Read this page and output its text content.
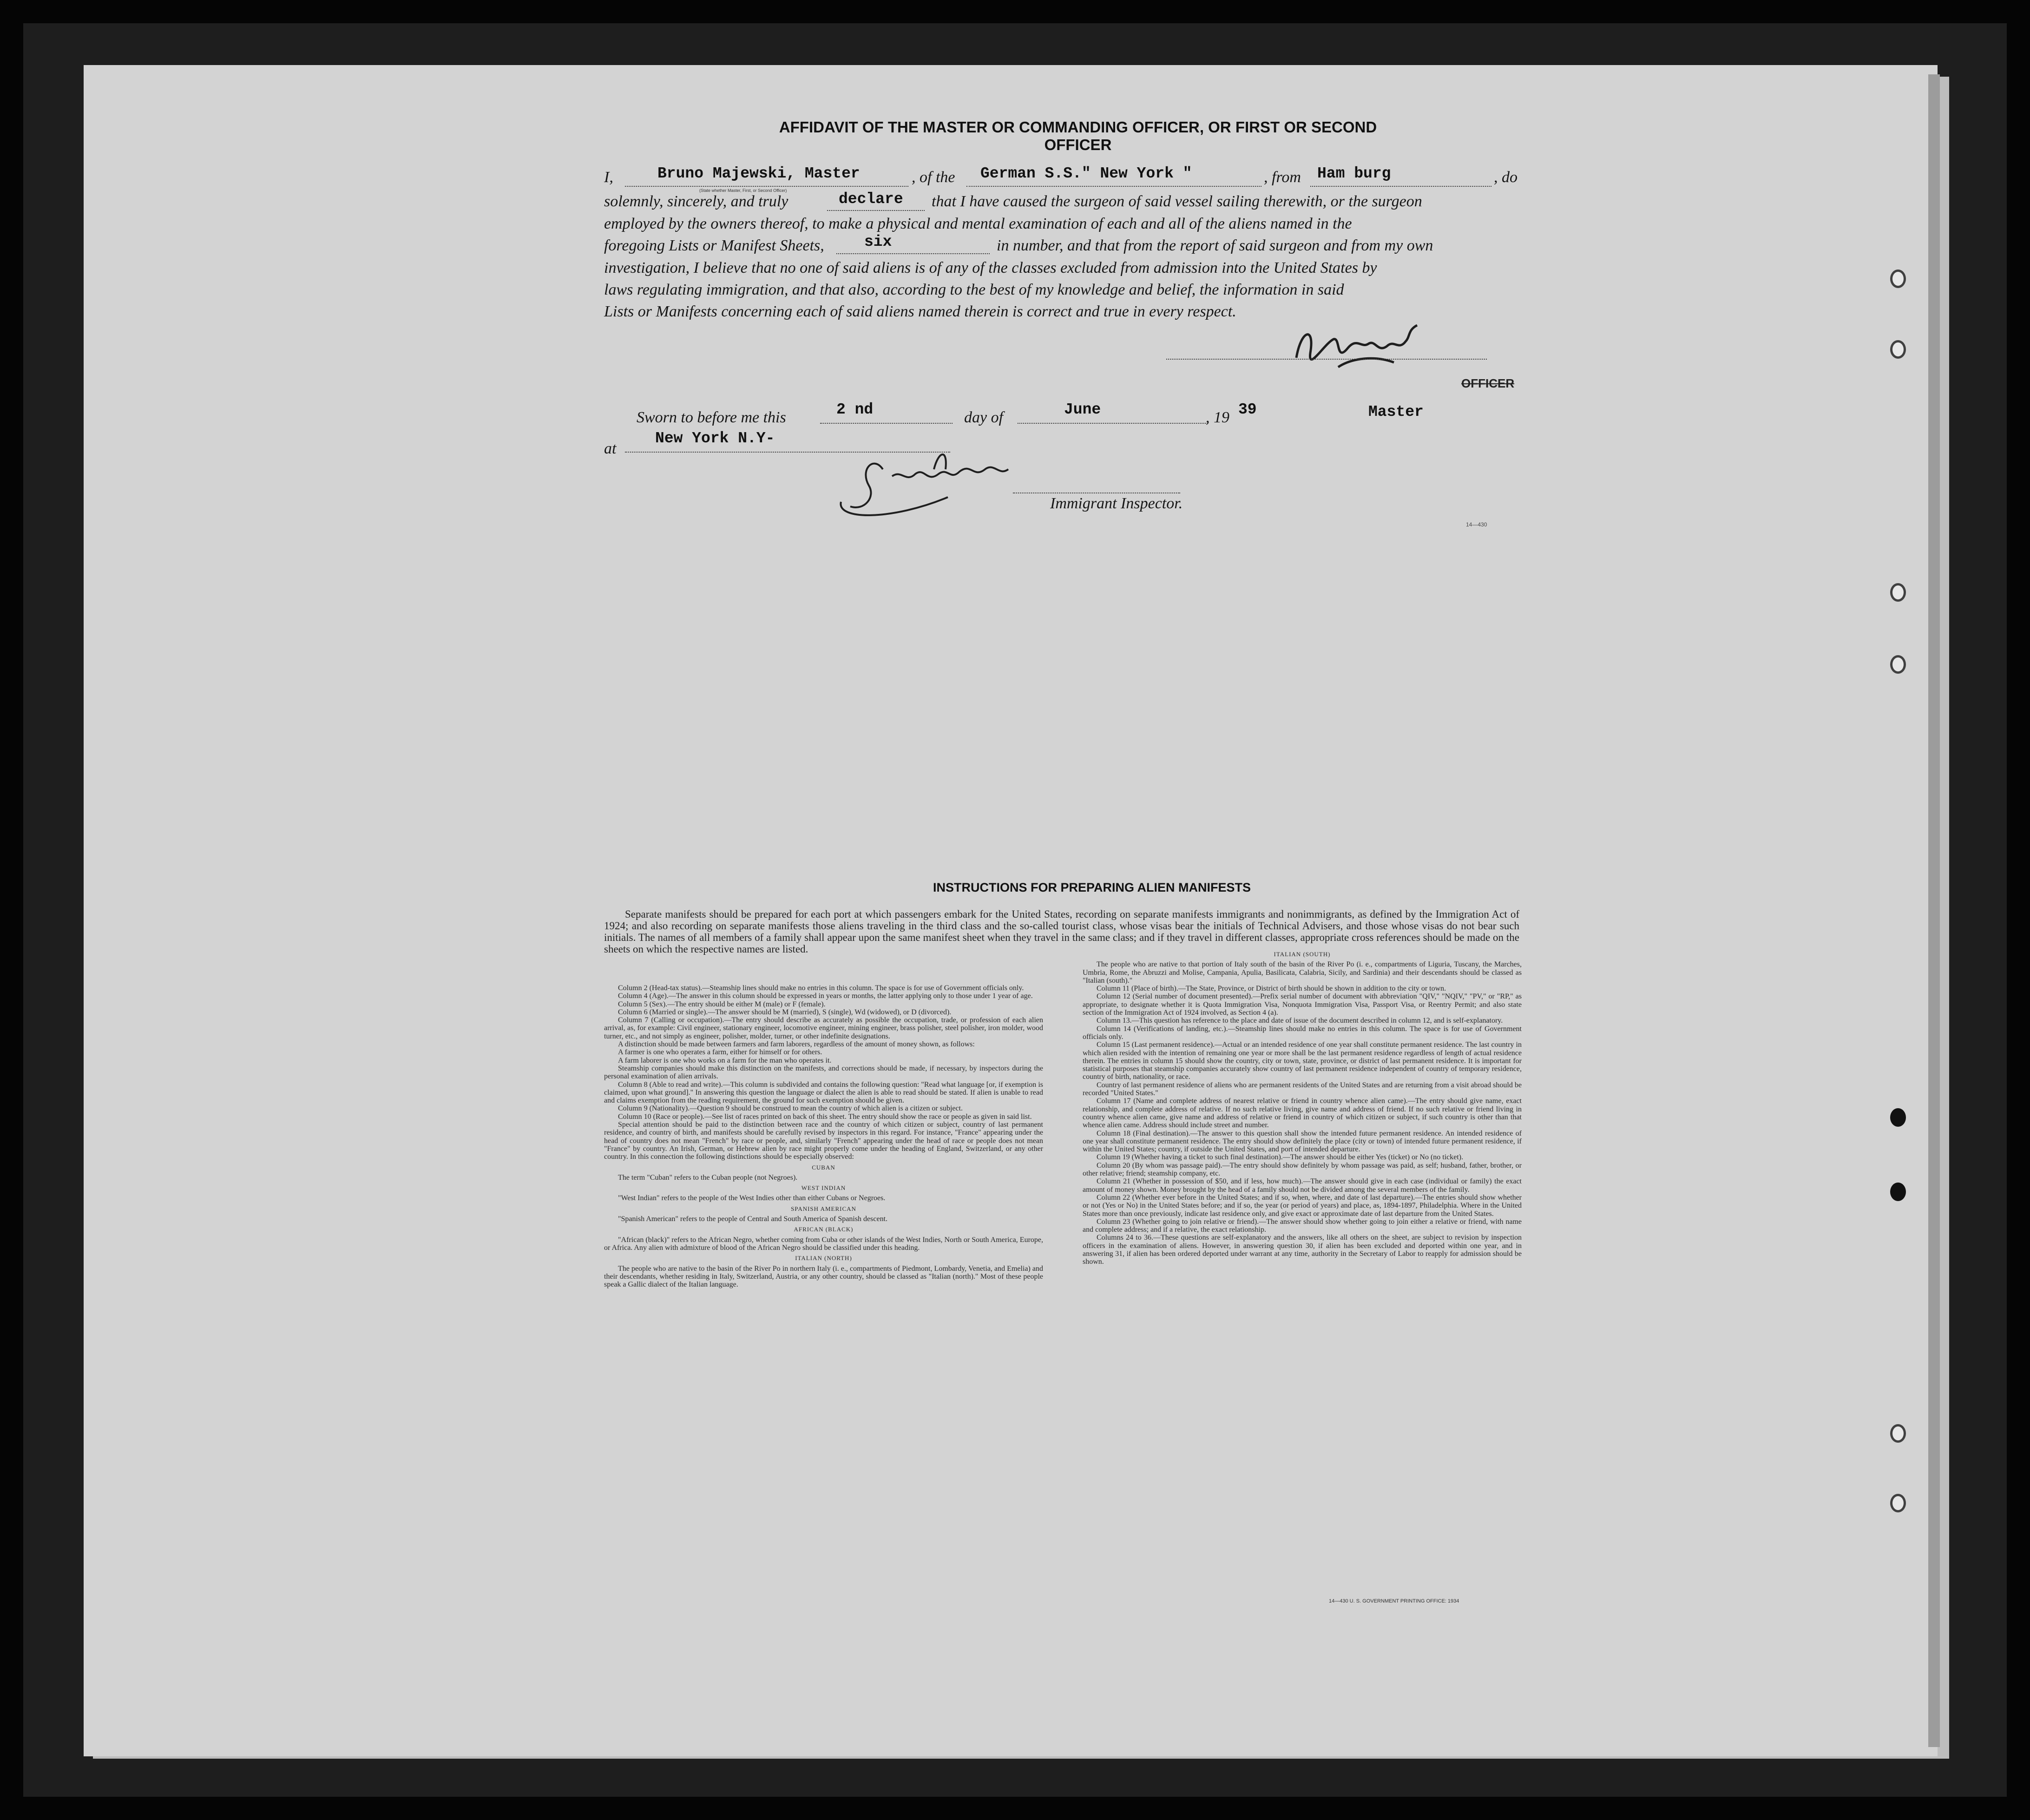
AFFIDAVIT OF THE MASTER OR COMMANDING OFFICER, OR FIRST OR SECOND OFFICER
I,	Bruno Majewski, Master
(State whether Master, First, or Second Officer)
, of the German S.S." New York "	, from Ham burg	, do
solemnly, sincerely, and truly	declare that I have caused the surgeon of said vessel sailing therewith, or the surgeon
employed by the owners thereof, to make a physical and mental examination of each and all of the aliens named in the
foregoing Lists or Manifest Sheets,	six	in number, and that from the report of said surgeon and from my own
investigation, I believe that no one of said aliens is of any of the classes excluded from admission into the United States by
laws regulating immigration, and that also, according to the best of my knowledge and belief, the information in said
Lists or Manifests concerning each of said aliens named therein is correct and true in every respect.
OFFICER
Sworn to before me this	2 nd	day of	June	, 19 39	Master
at
New York N.Y-
Immigrant Inspector.
14—430
INSTRUCTIONS FOR PREPARING ALIEN MANIFESTS
Separate manifests should be prepared for each port at which passengers embark for the United States, recording on separate manifests immigrants and nonimmigrants, as defined by the Immigration Act of 1924; and also recording on separate manifests those aliens traveling in the third class and the so-called tourist class, whose visas bear the initials of Technical Advisers, and those whose visas do not bear such initials. The names of all members of a family shall appear upon the same manifest sheet when they travel in the same class; and if they travel in different classes, appropriate cross references should be made on the sheets on which the respective names are listed.

Column 2 (Head-tax status).—Steamship lines should make no entries in this column. The space is for use of Government officials only.

Column 4 (Age).—The answer in this column should be expressed in years or months, the latter applying only to those under 1 year of age.

Column 5 (Sex).—The entry should be either M (male) or F (female).

Column 6 (Married or single).—The answer should be M (married), S (single), Wd (widowed), or D (divorced).

Column 7 (Calling or occupation).—The entry should describe as accurately as possible the occupation, trade, or profession of each alien arrival, as, for example: Civil engineer, stationary engineer, locomotive engineer, mining engineer, brass polisher, steel polisher, iron molder, wood turner, etc., and not simply as engineer, polisher, molder, turner, or other indefinite designations.

A distinction should be made between farmers and farm laborers, regardless of the amount of money shown, as follows:

A farmer is one who operates a farm, either for himself or for others.

A farm laborer is one who works on a farm for the man who operates it.

Steamship companies should make this distinction on the manifests, and corrections should be made, if necessary, by inspectors during the personal examination of alien arrivals.

Column 8 (Able to read and write).—This column is subdivided and contains the following question: "Read what language [or, if exemption is claimed, upon what ground]." In answering this question the language or dialect the alien is able to read should be stated. If alien is unable to read and claims exemption from the reading requirement, the ground for such exemption should be given.

Column 9 (Nationality).—Question 9 should be construed to mean the country of which alien is a citizen or subject.

Column 10 (Race or people).—See list of races printed on back of this sheet. The entry should show the race or people as given in said list.

Special attention should be paid to the distinction between race and the country of which citizen or subject, country of last permanent residence, and country of birth, and manifests should be carefully revised by inspectors in this regard. For instance, "France" appearing under the head of country does not mean "French" by race or people, and, similarly "French" appearing under the head of race or people does not mean "France" by country. An Irish, German, or Hebrew alien by race might properly come under the heading of England, Switzerland, or any other country. In this connection the following distinctions should be especially observed:

CUBAN

The term "Cuban" refers to the Cuban people (not Negroes).

WEST INDIAN

"West Indian" refers to the people of the West Indies other than either Cubans or Negroes.

SPANISH AMERICAN

"Spanish American" refers to the people of Central and South America of Spanish descent.

AFRICAN (BLACK)

"African (black)" refers to the African Negro, whether coming from Cuba or other islands of the West Indies, North or South America, Europe, or Africa. Any alien with admixture of blood of the African Negro should be classified under this heading.

ITALIAN (NORTH)

The people who are native to the basin of the River Po in northern Italy (i. e., compartments of Piedmont, Lombardy, Venetia, and Emelia) and their descendants, whether residing in Italy, Switzerland, Austria, or any other country, should be classed as "Italian (north)." Most of these people speak a Gallic dialect of the Italian language.

ITALIAN (SOUTH)

The people who are native to that portion of Italy south of the basin of the River Po (i. e., compartments of Liguria, Tuscany, the Marches, Umbria, Rome, the Abruzzi and Molise, Campania, Apulia, Basilicata, Calabria, Sicily, and Sardinia) and their descendants should be classed as "Italian (south)."

Column 11 (Place of birth).—The State, Province, or District of birth should be shown in addition to the city or town.

Column 12 (Serial number of document presented).—Prefix serial number of document with abbreviation "QIV," "NQIV," "PV," or "RP," as appropriate, to designate whether it is Quota Immigration Visa, Nonquota Immigration Visa, Passport Visa, or Reentry Permit; and also state section of the Immigration Act of 1924 involved, as Section 4 (a).

Column 13.—This question has reference to the place and date of issue of the document described in column 12, and is self-explanatory.

Column 14 (Verifications of landing, etc.).—Steamship lines should make no entries in this column. The space is for use of Government officials only.

Column 15 (Last permanent residence).—Actual or an intended residence of one year shall constitute permanent residence. The last country in which alien resided with the intention of remaining one year or more shall be the last permanent residence regardless of length of actual residence therein. The entries in column 15 should show the country, city or town, state, province, or district of last permanent residence. It is important for statistical purposes that steamship companies accurately show country of last permanent residence independent of country of temporary residence, country of birth, nationality, or race.

Country of last permanent residence of aliens who are permanent residents of the United States and are returning from a visit abroad should be recorded "United States."

Column 17 (Name and complete address of nearest relative or friend in country whence alien came).—The entry should give name, exact relationship, and complete address of relative. If no such relative living, give name and address of friend. If no such relative or friend living in country whence alien came, give name and address of relative or friend in country of which citizen or subject, if such country is other than that whence alien came. Address should include street and number.

Column 18 (Final destination).—The answer to this question shall show the intended future permanent residence. An intended residence of one year shall constitute permanent residence. The entry should show definitely the place (city or town) of intended future permanent residence, if within the United States; country, if outside the United States, and port of intended departure.

Column 19 (Whether having a ticket to such final destination).—The answer should be either Yes (ticket) or No (no ticket).

Column 20 (By whom was passage paid).—The entry should show definitely by whom passage was paid, as self; husband, father, brother, or other relative; friend; steamship company, etc.

Column 21 (Whether in possession of $50, and if less, how much).—The answer should give in each case (individual or family) the exact amount of money shown. Money brought by the head of a family should not be divided among the several members of the family.

Column 22 (Whether ever before in the United States; and if so, when, where, and date of last departure).—The entries should show whether or not (Yes or No) in the United States before; and if so, the year (or period of years) and place, as, 1894-1897, Philadelphia. Where in the United States more than once previously, indicate last residence only, and give exact or approximate date of last departure from the United States.

Column 23 (Whether going to join relative or friend).—The answer should show whether going to join either a relative or friend, with name and complete address; and if a relative, the exact relationship.

Columns 24 to 36.—These questions are self-explanatory and the answers, like all others on the sheet, are subject to revision by inspection officers in the examination of aliens. However, in answering question 30, if alien has been excluded and deported within one year, and in answering 31, if alien has been ordered deported under warrant at any time, authority in the Secretary of Labor to reapply for admission should be shown.

14—430 U. S. GOVERNMENT PRINTING OFFICE: 1934
